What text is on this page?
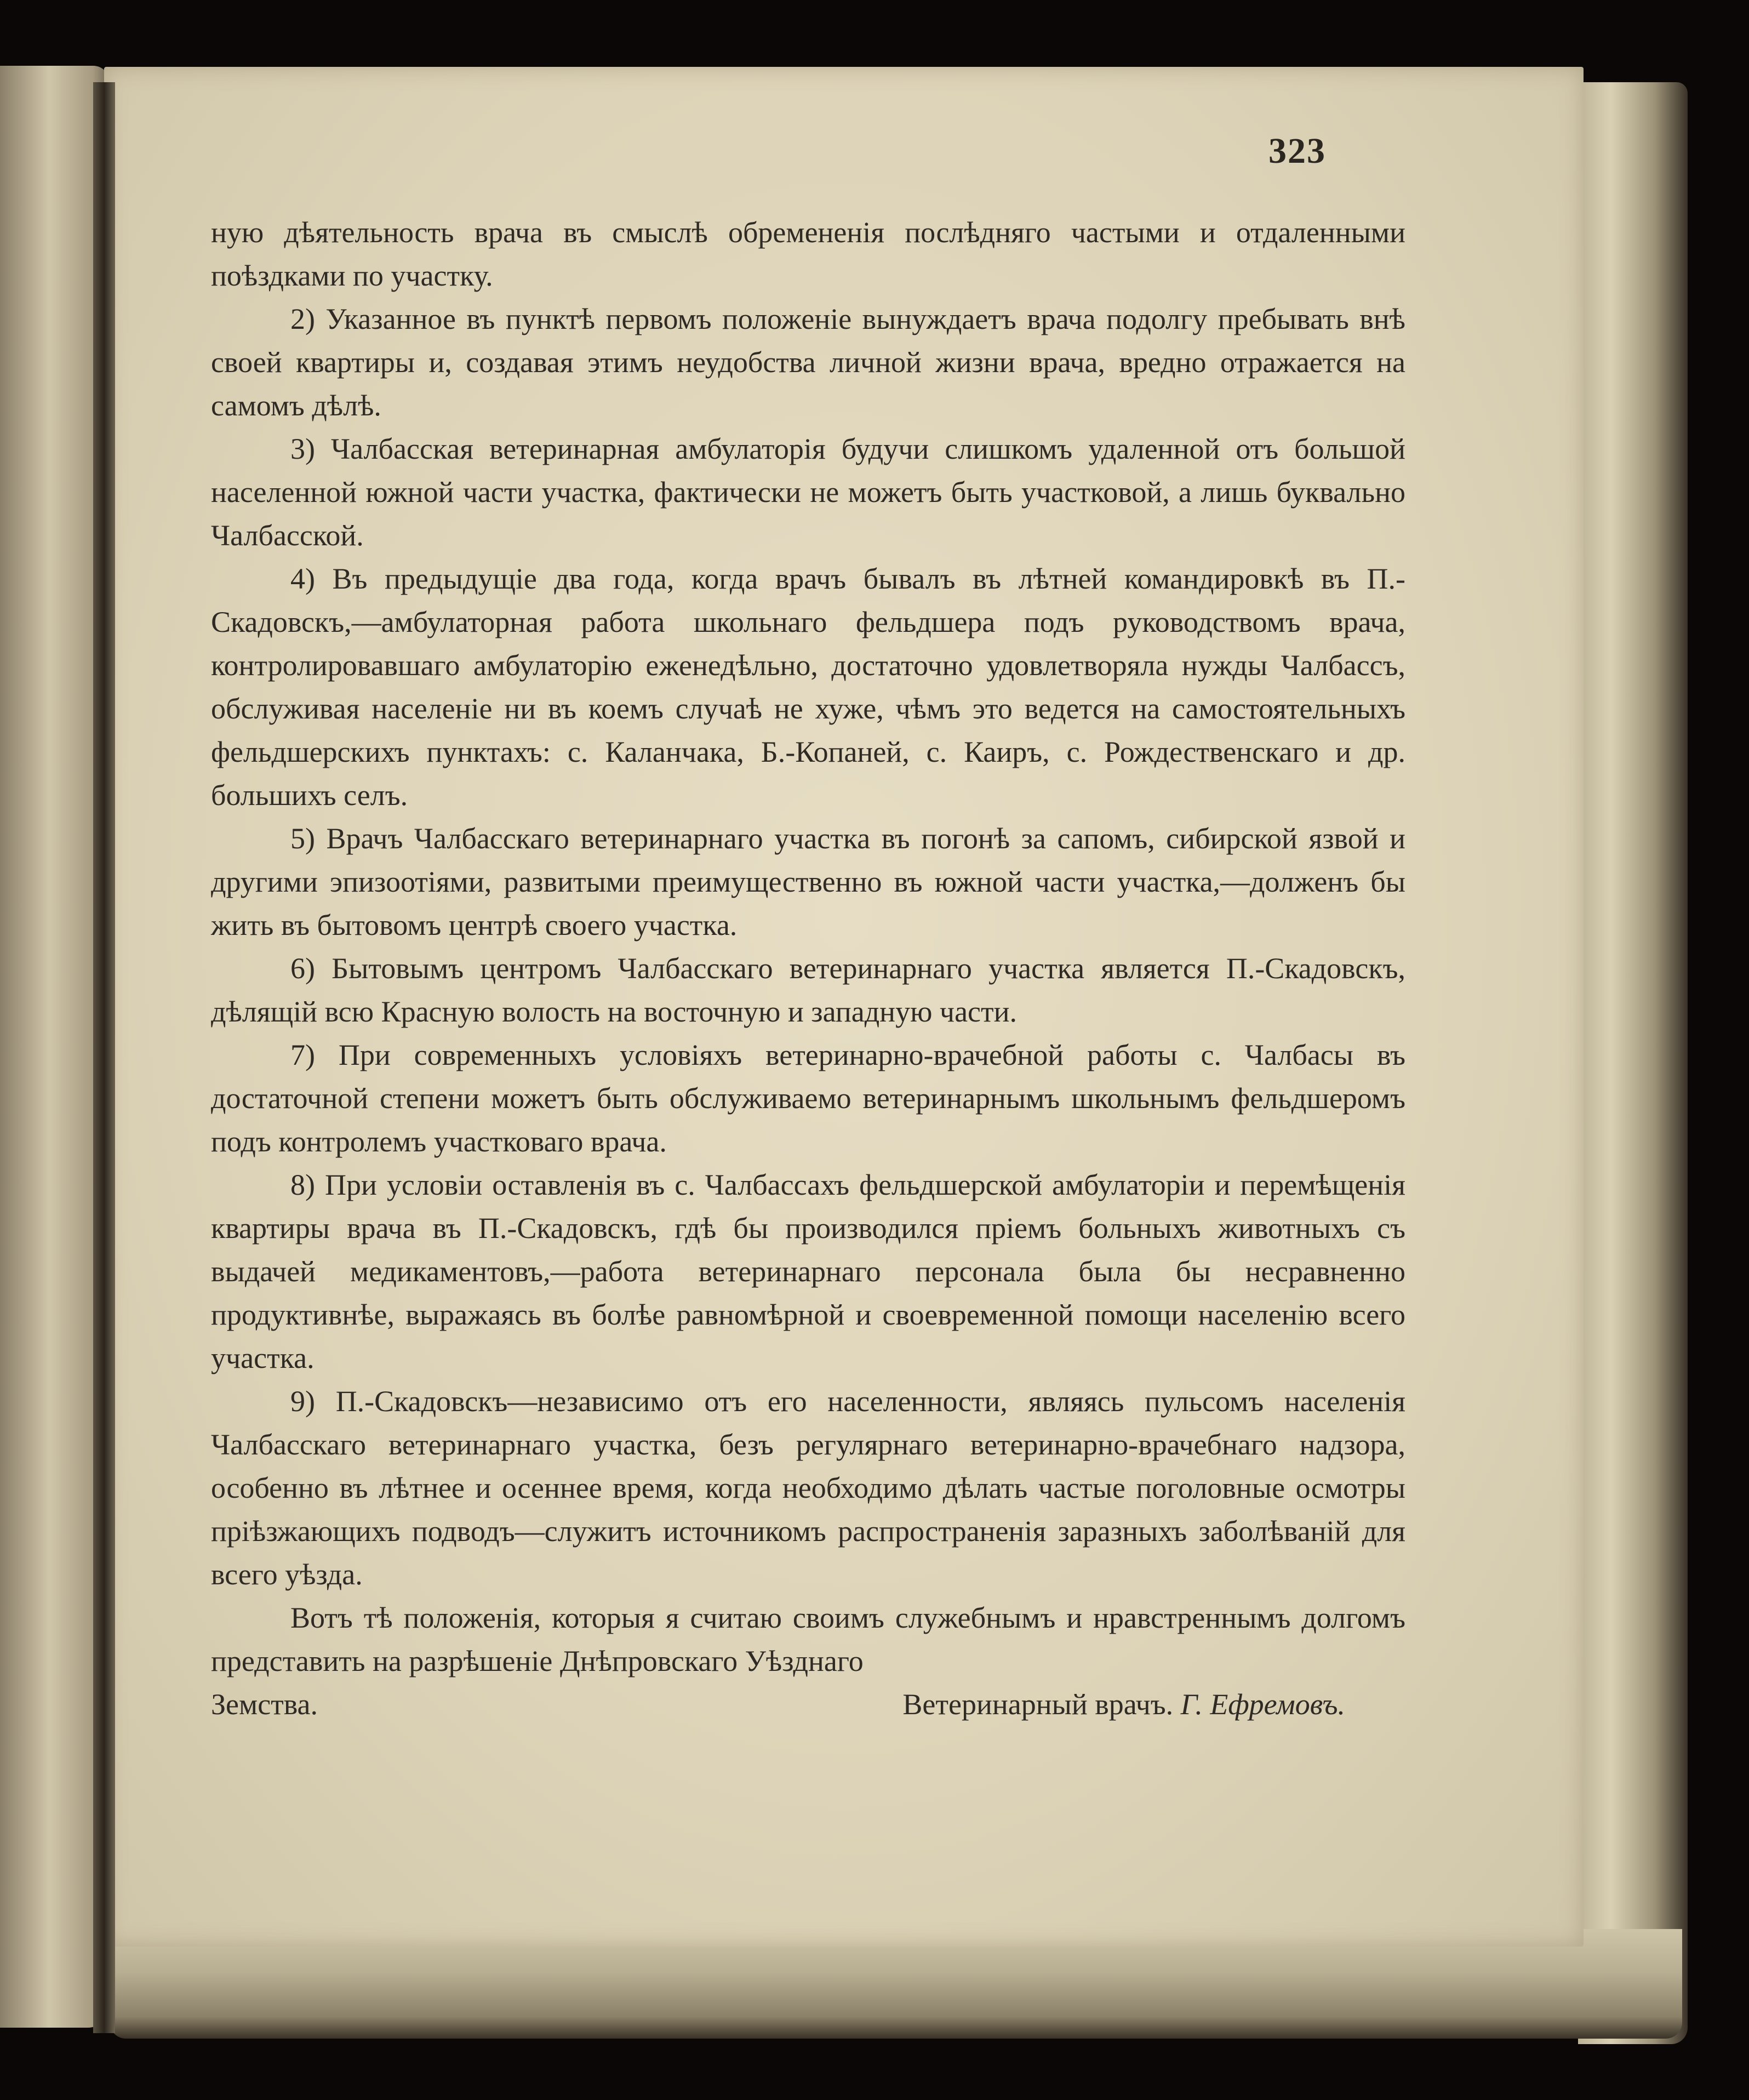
323

ную дѣятельность врача въ смыслѣ обремененія послѣдняго частыми и отдаленными поѣздками по участку.

2) Указанное въ пунктѣ первомъ положеніе вынуждаетъ врача подолгу пребывать внѣ своей квартиры и, создавая этимъ неудобства личной жизни врача, вредно отражается на самомъ дѣлѣ.

3) Чалбасская ветеринарная амбулаторія будучи слишкомъ удаленной отъ большой населенной южной части участка, фактически не можетъ быть участковой, а лишь буквально Чалбасской.

4) Въ предыдущіе два года, когда врачъ бывалъ въ лѣтней командировкѣ въ П.-Скадовскъ,—амбулаторная работа школьнаго фельдшера подъ руководствомъ врача, контролировавшаго амбулаторію еженедѣльно, достаточно удовлетворяла нужды Чалбассъ, обслуживая населеніе ни въ коемъ случаѣ не хуже, чѣмъ это ведется на самостоятельныхъ фельдшерскихъ пунктахъ: с. Каланчака, Б.-Копаней, с. Каиръ, с. Рождественскаго и др. большихъ селъ.

5) Врачъ Чалбасскаго ветеринарнаго участка въ погонѣ за сапомъ, сибирской язвой и другими эпизоотіями, развитыми преимущественно въ южной части участка,—долженъ бы жить въ бытовомъ центрѣ своего участка.

6) Бытовымъ центромъ Чалбасскаго ветеринарнаго участка является П.-Скадовскъ, дѣлящій всю Красную волость на восточную и западную части.

7) При современныхъ условіяхъ ветеринарно-врачебной работы с. Чалбасы въ достаточной степени можетъ быть обслуживаемо ветеринарнымъ школьнымъ фельдшеромъ подъ контролемъ участковаго врача.

8) При условіи оставленія въ с. Чалбассахъ фельдшерской амбулаторіи и перемѣщенія квартиры врача въ П.-Скадовскъ, гдѣ бы производился пріемъ больныхъ животныхъ съ выдачей медикаментовъ,—работа ветеринарнаго персонала была бы несравненно продуктивнѣе, выражаясь въ болѣе равномѣрной и своевременной помощи населенію всего участка.

9) П.-Скадовскъ—независимо отъ его населенности, являясь пульсомъ населенія Чалбасскаго ветеринарнаго участка, безъ регулярнаго ветеринарно-врачебнаго надзора, особенно въ лѣтнее и осеннее время, когда необходимо дѣлать частые поголовные осмотры пріѣзжающихъ подводъ—служитъ источникомъ распространенія заразныхъ заболѣваній для всего уѣзда.

Вотъ тѣ положенія, которыя я считаю своимъ служебнымъ и нравстреннымъ долгомъ представить на разрѣшеніе Днѣпровскаго Уѣзднаго

Земства.	Ветеринарный врачъ. Г. Ефремовъ.
